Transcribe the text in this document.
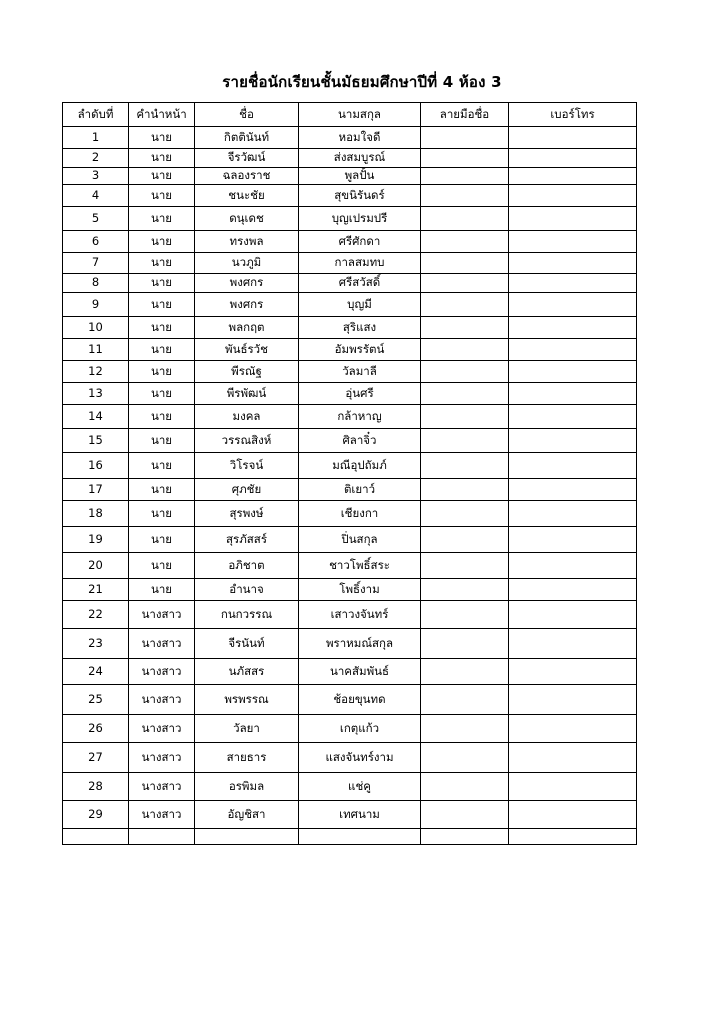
รายชื่อนักเรียนชั้นมัธยมศึกษาปีที่ 4 ห้อง 3
ลำดับที่	คำนำหน้า	ชื่อ	นามสกุล	ลายมือชื่อ	เบอร์โทร
1	นาย	กิตตินันท์	หอมใจดี		
2	นาย	จีรวัฒน์	ส่งสมบูรณ์		
3	นาย	ฉลองราช	พูลปั้น		
4	นาย	ชนะชัย	สุขนิรันดร์		
5	นาย	ดนุเดช	บุญเปรมปรี		
6	นาย	ทรงพล	ศรีศักดา		
7	นาย	นวภูมิ	กาลสมทบ		
8	นาย	พงศกร	ศรีสวัสดิ์		
9	นาย	พงศกร	บุญมี		
10	นาย	พลกฤต	สุริแสง		
11	นาย	พันธ์รวัช	อัมพรรัตน์		
12	นาย	พีรณัฐ	วัลมาลี		
13	นาย	พีรพัฒน์	อุ่นศรี		
14	นาย	มงคล	กล้าหาญ		
15	นาย	วรรณสิงห์	ศิลาจิ๋ว		
16	นาย	วิโรจน์	มณีอุปถัมภ์		
17	นาย	ศุภชัย	ติเยาว์		
18	นาย	สุรพงษ์	เชียงกา		
19	นาย	สุรภัสสร์	ปิ่นสกุล		
20	นาย	อภิชาต	ชาวโพธิ์สระ		
21	นาย	อำนาจ	โพธิ์งาม		
22	นางสาว	กนกวรรณ	เสาวงจันทร์		
23	นางสาว	จีรนันท์	พราหมณ์สกุล		
24	นางสาว	นภัสสร	นาคสัมพันธ์		
25	นางสาว	พรพรรณ	ช้อยขุนทด		
26	นางสาว	วัลยา	เกตุแก้ว		
27	นางสาว	สายธาร	แสงจันทร์งาม		
28	นางสาว	อรพิมล	แช่คู		
29	นางสาว	อัญชิสา	เทศนาม		
